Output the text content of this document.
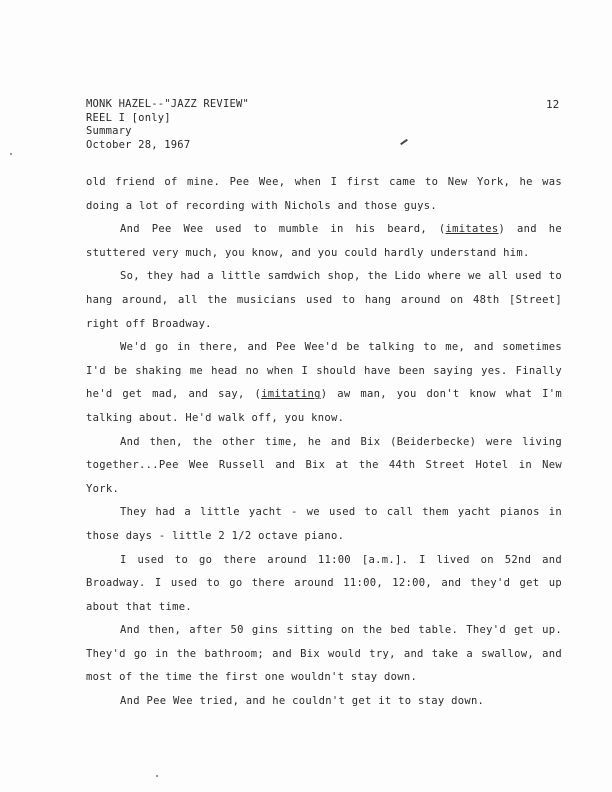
MONK HAZEL--"JAZZ REVIEW"
REEL I [only]
Summary
October 28, 1967
12

old friend of mine. Pee Wee, when I first came to New York, he was doing a lot of recording with Nichols and those guys.

And Pee Wee used to mumble in his beard, (imitates) and he stuttered very much, you know, and you could hardly understand him.

So, they had a little sandwich shop, the Lido where we all used to hang around, all the musicians used to hang around on 48th [Street] right off Broadway.

We'd go in there, and Pee Wee'd be talking to me, and sometimes I'd be shaking me head no when I should have been saying yes. Finally he'd get mad, and say, (imitating) aw man, you don't know what I'm talking about. He'd walk off, you know.

And then, the other time, he and Bix (Beiderbecke) were living together...Pee Wee Russell and Bix at the 44th Street Hotel in New York.

They had a little yacht - we used to call them yacht pianos in those days - little 2 1/2 octave piano.

I used to go there around 11:00 [a.m.]. I lived on 52nd and Broadway. I used to go there around 11:00, 12:00, and they'd get up about that time.

And then, after 50 gins sitting on the bed table. They'd get up. They'd go in the bathroom; and Bix would try, and take a swallow, and most of the time the first one wouldn't stay down.

And Pee Wee tried, and he couldn't get it to stay down.
